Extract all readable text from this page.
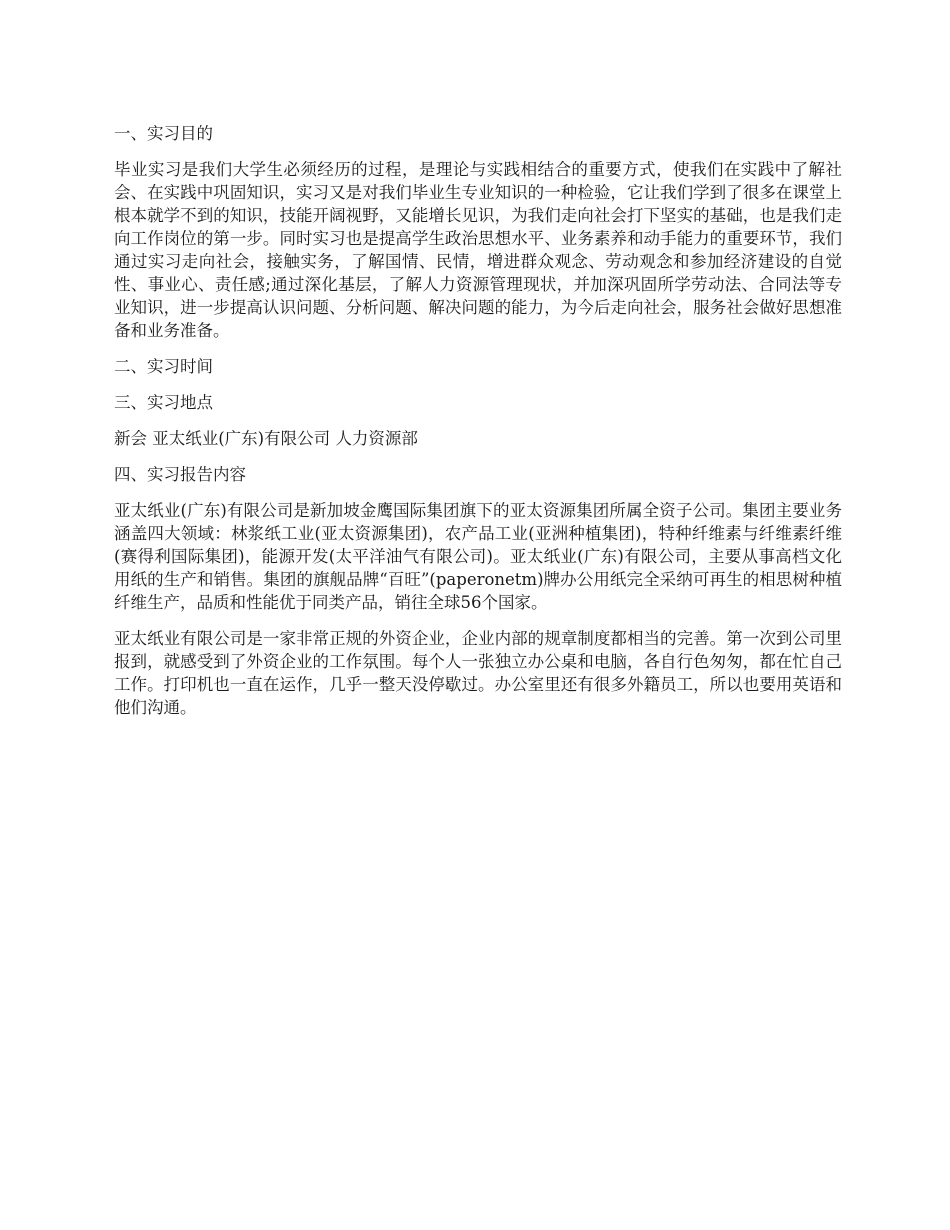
一、实习目的

毕业实习是我们大学生必须经历的过程，是理论与实践相结合的重要方式，使我们在实践中了解社会、在实践中巩固知识，实习又是对我们毕业生专业知识的一种检验，它让我们学到了很多在课堂上根本就学不到的知识，技能开阔视野，又能增长见识，为我们走向社会打下坚实的基础，也是我们走向工作岗位的第一步。同时实习也是提高学生政治思想水平、业务素养和动手能力的重要环节，我们通过实习走向社会，接触实务，了解国情、民情，增进群众观念、劳动观念和参加经济建设的自觉性、事业心、责任感;通过深化基层，了解人力资源管理现状，并加深巩固所学劳动法、合同法等专业知识，进一步提高认识问题、分析问题、解决问题的能力，为今后走向社会，服务社会做好思想准备和业务准备。

二、实习时间

三、实习地点

新会 亚太纸业(广东)有限公司 人力资源部

四、实习报告内容

亚太纸业(广东)有限公司是新加坡金鹰国际集团旗下的亚太资源集团所属全资子公司。集团主要业务涵盖四大领域：林浆纸工业(亚太资源集团)，农产品工业(亚洲种植集团)，特种纤维素与纤维素纤维(赛得利国际集团)，能源开发(太平洋油气有限公司)。亚太纸业(广东)有限公司，主要从事高档文化用纸的生产和销售。集团的旗舰品牌“百旺”(paperonetm)牌办公用纸完全采纳可再生的相思树种植纤维生产，品质和性能优于同类产品，销往全球56个国家。

亚太纸业有限公司是一家非常正规的外资企业，企业内部的规章制度都相当的完善。第一次到公司里报到，就感受到了外资企业的工作氛围。每个人一张独立办公桌和电脑，各自行色匆匆，都在忙自己工作。打印机也一直在运作，几乎一整天没停歇过。办公室里还有很多外籍员工，所以也要用英语和他们沟通。
